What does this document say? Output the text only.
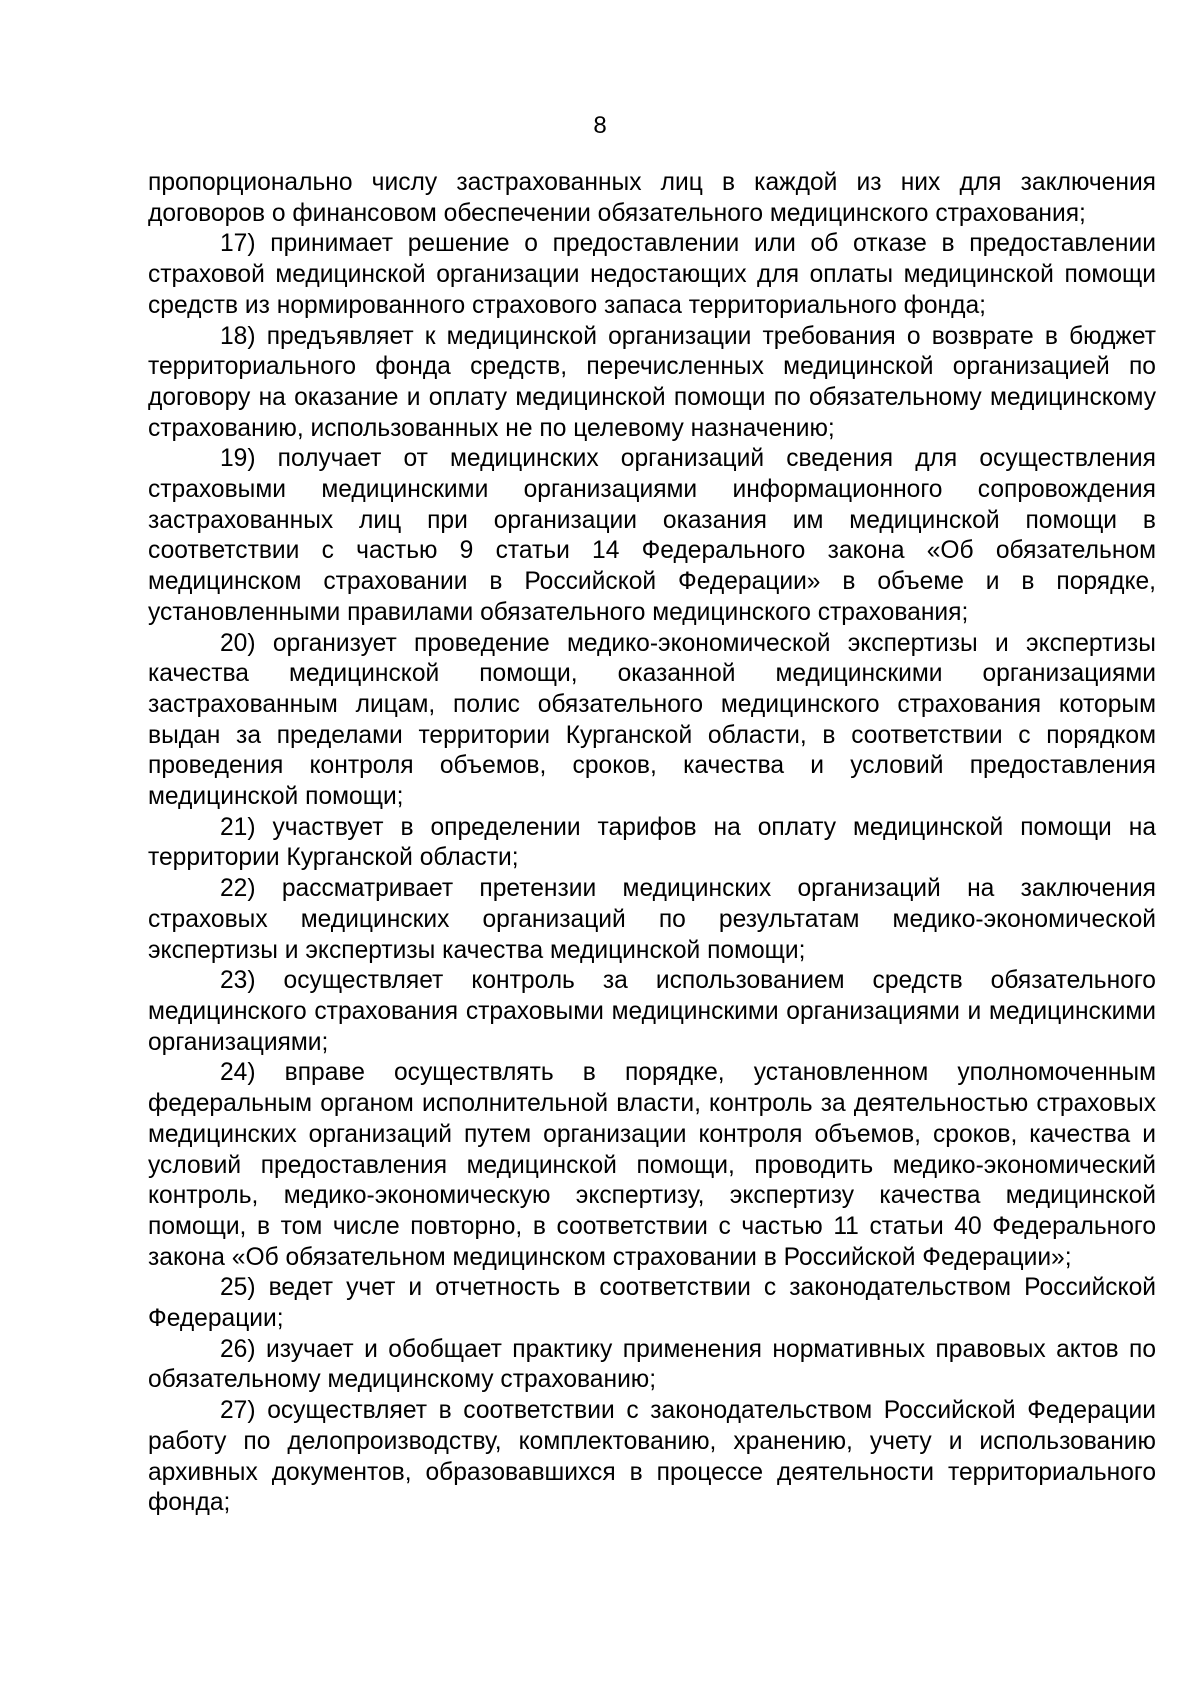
8

пропорционально числу застрахованных лиц в каждой из них для заключения договоров о финансовом обеспечении обязательного медицинского страхования;

17) принимает решение о предоставлении или об отказе в предоставлении страховой медицинской организации недостающих для оплаты медицинской помощи средств из нормированного страхового запаса территориального фонда;

18) предъявляет к медицинской организации требования о возврате в бюджет территориального фонда средств, перечисленных медицинской организацией по договору на оказание и оплату медицинской помощи по обязательному медицинскому страхованию, использованных не по целевому назначению;

19) получает от медицинских организаций сведения для осуществления страховыми медицинскими организациями информационного сопровождения застрахованных лиц при организации оказания им медицинской помощи в соответствии с частью 9 статьи 14 Федерального закона «Об обязательном медицинском страховании в Российской Федерации» в объеме и в порядке, установленными правилами обязательного медицинского страхования;

20) организует проведение медико-экономической экспертизы и экспертизы качества медицинской помощи, оказанной медицинскими организациями застрахованным лицам, полис обязательного медицинского страхования которым выдан за пределами территории Курганской области, в соответствии с порядком проведения контроля объемов, сроков, качества и условий предоставления медицинской помощи;

21) участвует в определении тарифов на оплату медицинской помощи на территории Курганской области;

22) рассматривает претензии медицинских организаций на заключения страховых медицинских организаций по результатам медико-экономической экспертизы и экспертизы качества медицинской помощи;

23) осуществляет контроль за использованием средств обязательного медицинского страхования страховыми медицинскими организациями и медицинскими организациями;

24) вправе осуществлять в порядке, установленном уполномоченным федеральным органом исполнительной власти, контроль за деятельностью страховых медицинских организаций путем организации контроля объемов, сроков, качества и условий предоставления медицинской помощи, проводить медико-экономический контроль, медико-экономическую экспертизу, экспертизу качества медицинской помощи, в том числе повторно, в соответствии с частью 11 статьи 40 Федерального закона «Об обязательном медицинском страховании в Российской Федерации»;

25) ведет учет и отчетность в соответствии с законодательством Российской Федерации;

26) изучает и обобщает практику применения нормативных правовых актов по обязательному медицинскому страхованию;

27) осуществляет в соответствии с законодательством Российской Федерации работу по делопроизводству, комплектованию, хранению, учету и использованию архивных документов, образовавшихся в процессе деятельности территориального фонда;
